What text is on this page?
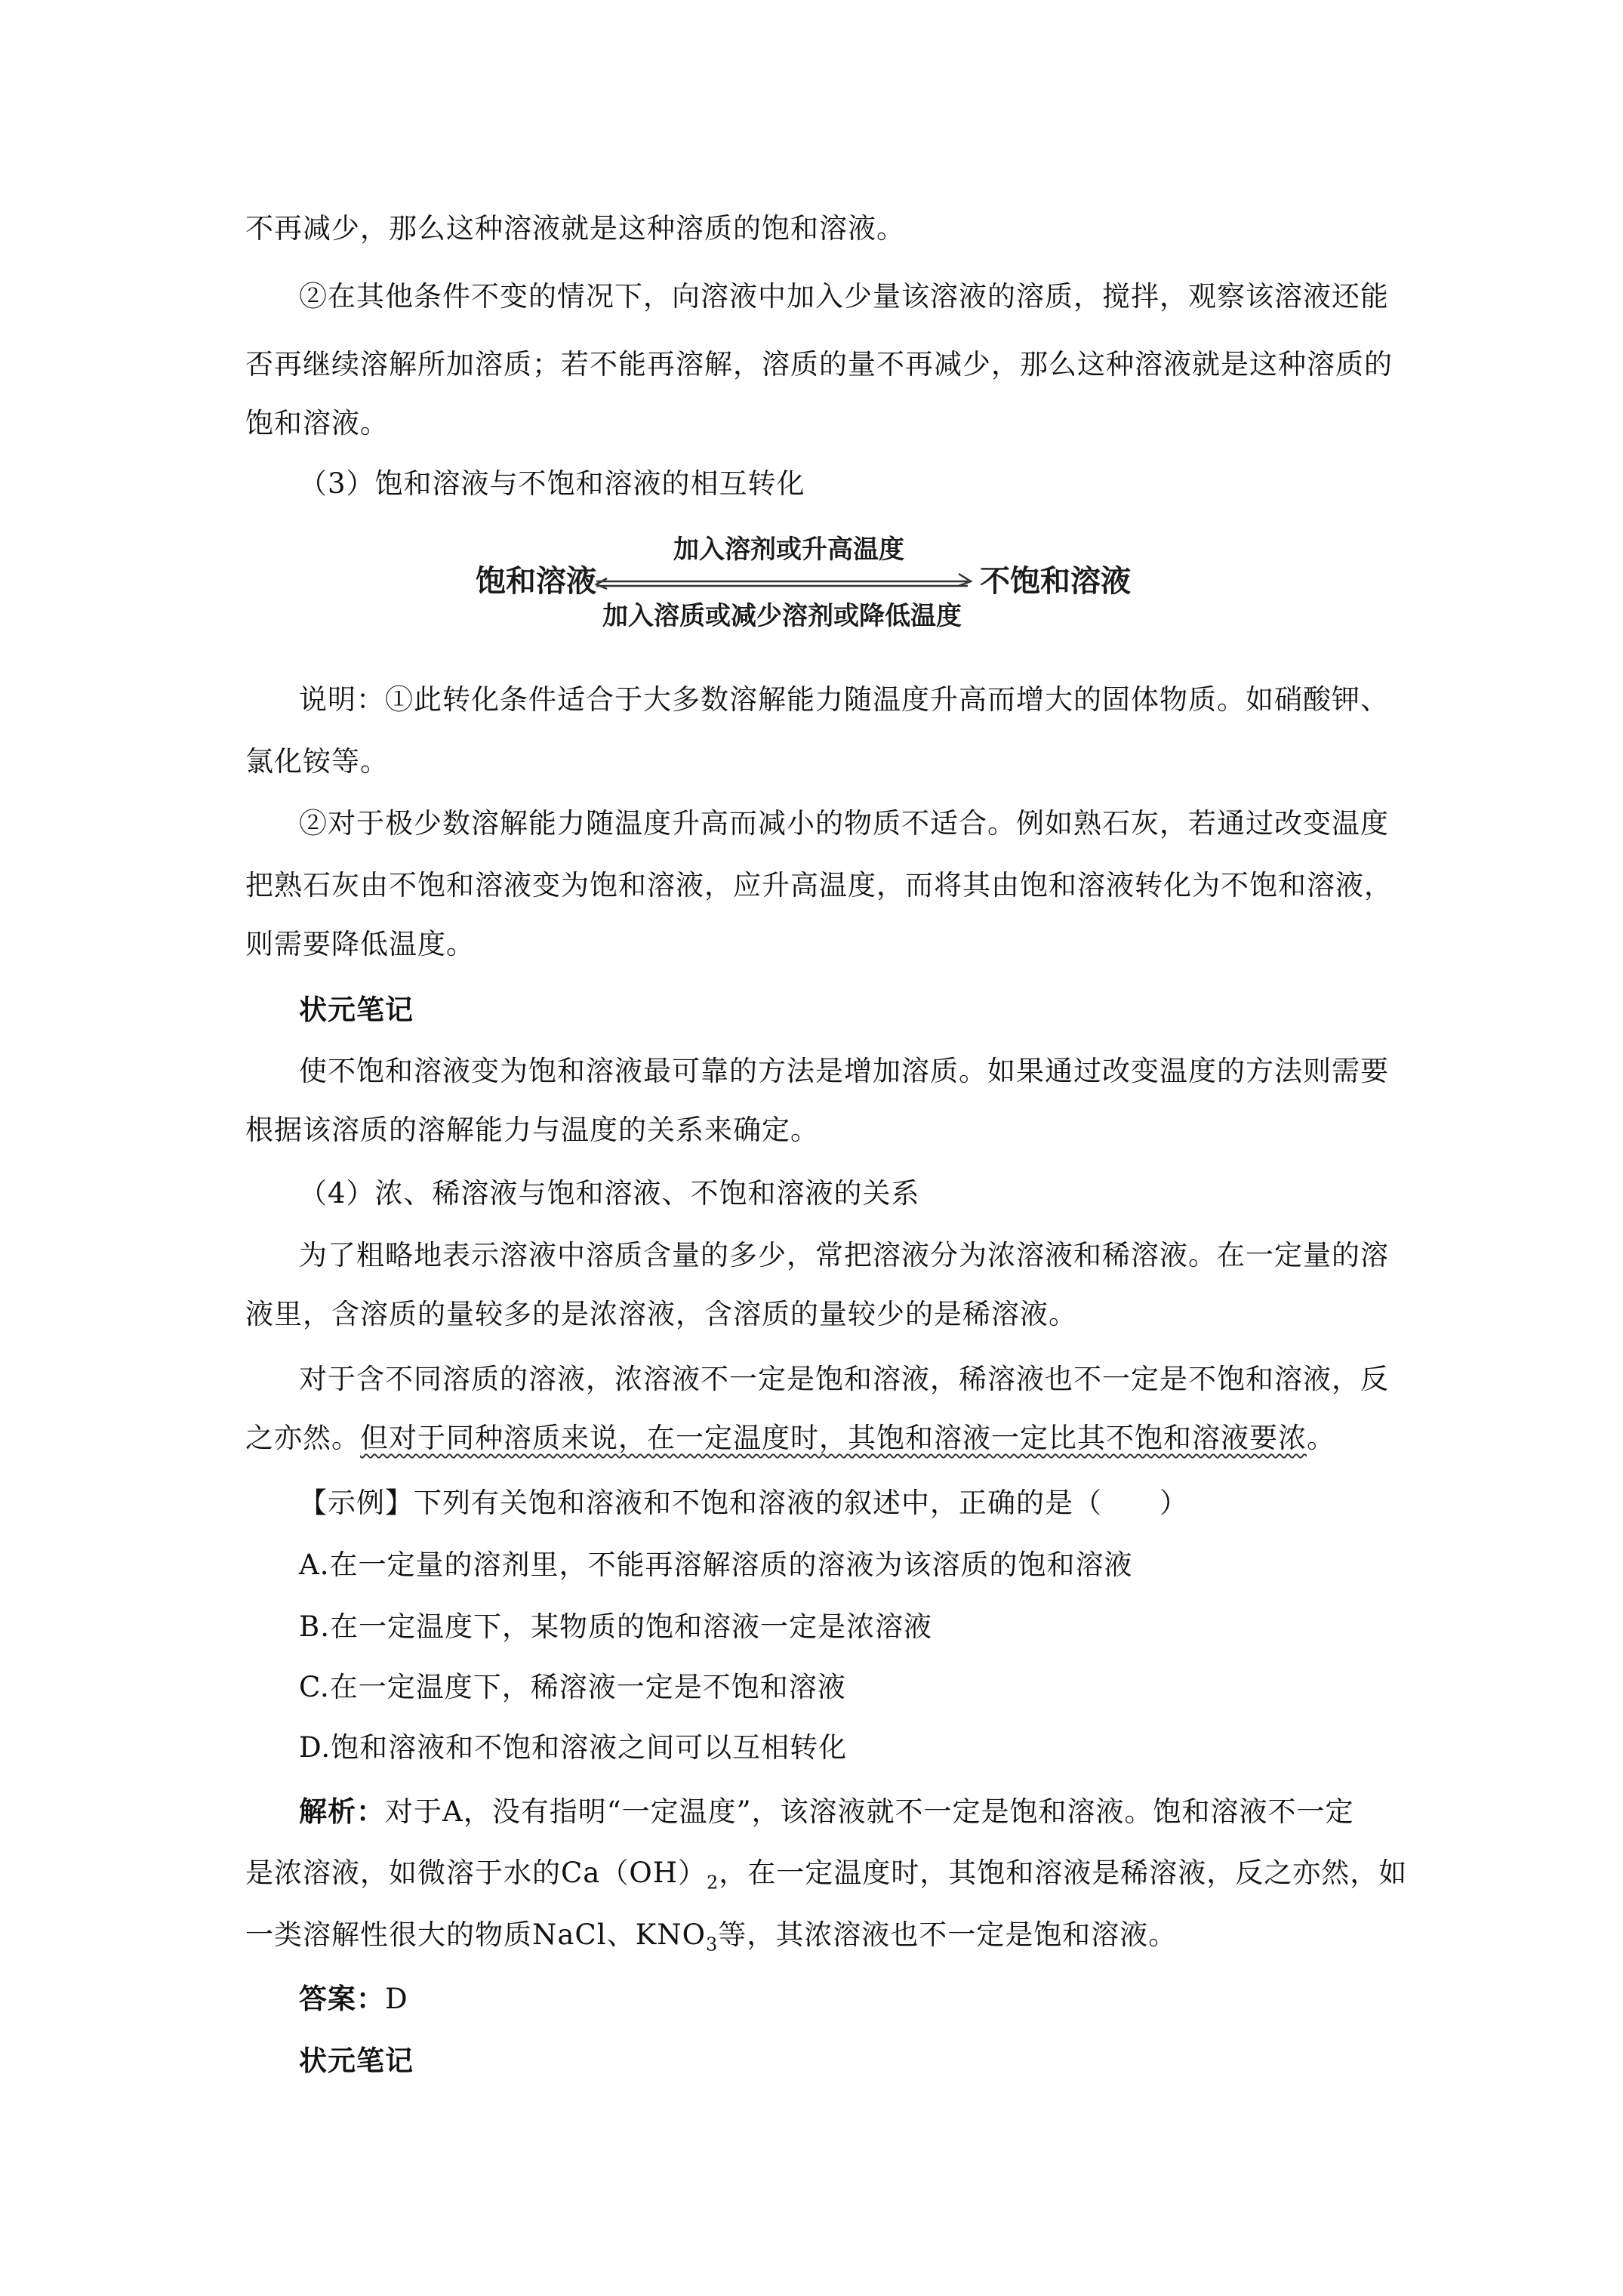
不再减少，那么这种溶液就是这种溶质的饱和溶液。

②在其他条件不变的情况下，向溶液中加入少量该溶液的溶质，搅拌，观察该溶液还能

否再继续溶解所加溶质；若不能再溶解，溶质的量不再减少，那么这种溶液就是这种溶质的

饱和溶液。

（3）饱和溶液与不饱和溶液的相互转化

饱和溶液	不饱和溶液
加入溶剂或升高温度
加入溶质或减少溶剂或降低温度

说明：①此转化条件适合于大多数溶解能力随温度升高而增大的固体物质。如硝酸钾、

氯化铵等。

②对于极少数溶解能力随温度升高而减小的物质不适合。例如熟石灰，若通过改变温度

把熟石灰由不饱和溶液变为饱和溶液，应升高温度，而将其由饱和溶液转化为不饱和溶液，

则需要降低温度。

状元笔记

使不饱和溶液变为饱和溶液最可靠的方法是增加溶质。如果通过改变温度的方法则需要

根据该溶质的溶解能力与温度的关系来确定。

（4）浓、稀溶液与饱和溶液、不饱和溶液的关系

为了粗略地表示溶液中溶质含量的多少，常把溶液分为浓溶液和稀溶液。在一定量的溶

液里，含溶质的量较多的是浓溶液，含溶质的量较少的是稀溶液。

对于含不同溶质的溶液，浓溶液不一定是饱和溶液，稀溶液也不一定是不饱和溶液，反

之亦然。但对于同种溶质来说，在一定温度时，其饱和溶液一定比其不饱和溶液要浓。

【示例】下列有关饱和溶液和不饱和溶液的叙述中，正确的是（　　）

A.在一定量的溶剂里，不能再溶解溶质的溶液为该溶质的饱和溶液

B.在一定温度下，某物质的饱和溶液一定是浓溶液

C.在一定温度下，稀溶液一定是不饱和溶液

D.饱和溶液和不饱和溶液之间可以互相转化

解析：对于A，没有指明“一定温度”，该溶液就不一定是饱和溶液。饱和溶液不一定

是浓溶液，如微溶于水的$Ca(OH)_2$，在一定温度时，其饱和溶液是稀溶液，反之亦然，如

一类溶解性很大的物质NaCl、$KNO_3$等，其浓溶液也不一定是饱和溶液。

答案：D

状元笔记
